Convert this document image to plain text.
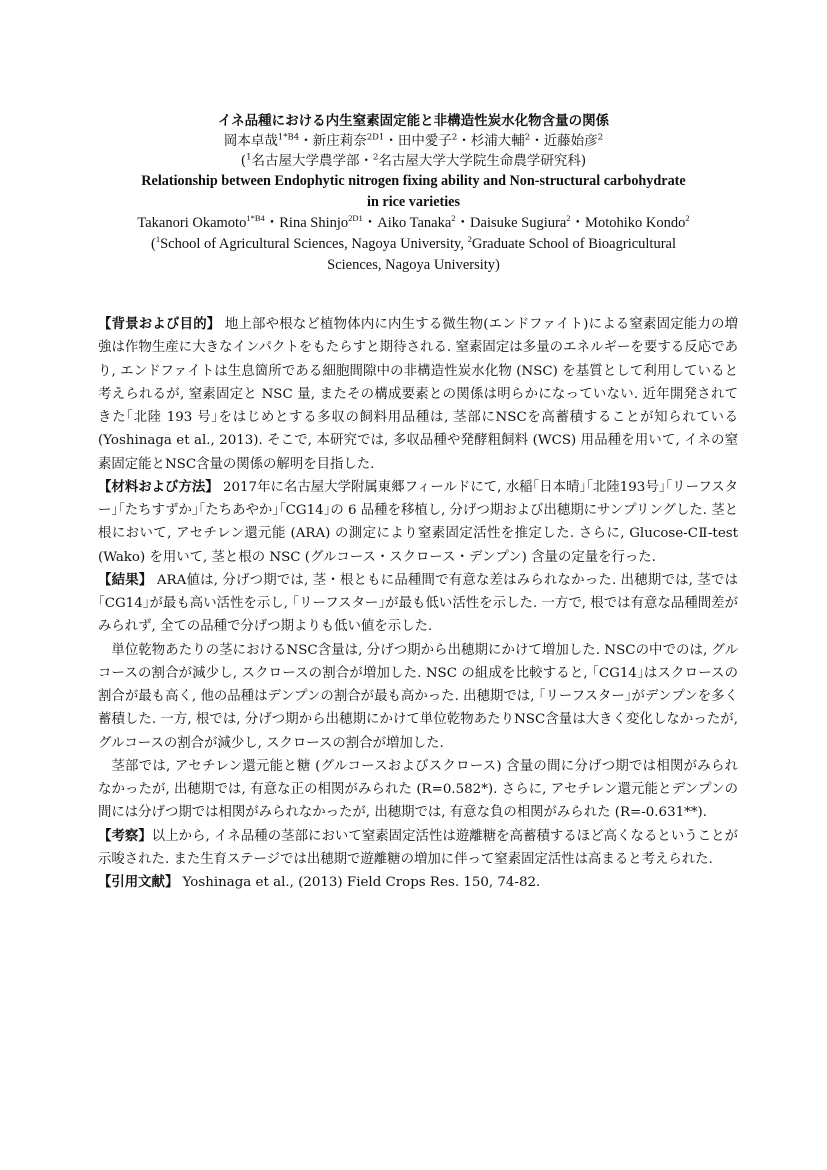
イネ品種における内生窒素固定能と非構造性炭水化物含量の関係
岡本卓哉$^{1*B4}$・新庄莉奈$^{2D1}$・田中愛子$^2$・杉浦大輔$^2$・近藤始彦$^2$
($^1$名古屋大学農学部・$^2$名古屋大学大学院生命農学研究科)
Relationship between Endophytic nitrogen fixing ability and Non-structural carbohydrate
in rice varieties
Takanori Okamoto$^{1*B4}$・Rina Shinjo$^{2D1}$・Aiko Tanaka$^2$・Daisuke Sugiura$^2$・Motohiko Kondo$^2$
($^1$School of Agricultural Sciences, Nagoya University, $^2$Graduate School of Bioagricultural
Sciences, Nagoya University)

【背景および目的】 地上部や根など植物体内に内生する微生物(エンドファイト)による窒素固定能力の増強は作物生産に大きなインパクトをもたらすと期待される. 窒素固定は多量のエネルギーを要する反応であり, エンドファイトは生息箇所である細胞間隙中の非構造性炭水化物 (NSC) を基質として利用していると考えられるが, 窒素固定と NSC 量, またその構成要素との関係は明らかになっていない. 近年開発されてきた｢北陸 193 号｣をはじめとする多収の飼料用品種は, 茎部にNSCを高蓄積することが知られている(Yoshinaga et al., 2013). そこで, 本研究では, 多収品種や発酵粗飼料 (WCS) 用品種を用いて, イネの窒素固定能とNSC含量の関係の解明を目指した.

【材料および方法】 2017年に名古屋大学附属東郷フィールドにて, 水稲｢日本晴｣｢北陸193号｣｢リーフスター｣｢たちすずか｣｢たちあやか｣｢CG14｣の 6 品種を移植し, 分げつ期および出穂期にサンプリングした. 茎と根において, アセチレン還元能 (ARA) の測定により窒素固定活性を推定した. さらに, Glucose-CⅡ-test (Wako) を用いて, 茎と根の NSC (グルコース・スクロース・デンプン) 含量の定量を行った.

【結果】 ARA値は, 分げつ期では, 茎・根ともに品種間で有意な差はみられなかった. 出穂期では, 茎では｢CG14｣が最も高い活性を示し, ｢リーフスター｣が最も低い活性を示した. 一方で, 根では有意な品種間差がみられず, 全ての品種で分げつ期よりも低い値を示した.

単位乾物あたりの茎におけるNSC含量は, 分げつ期から出穂期にかけて増加した. NSCの中でのは, グルコースの割合が減少し, スクロースの割合が増加した. NSC の組成を比較すると, ｢CG14｣はスクロースの割合が最も高く, 他の品種はデンプンの割合が最も高かった. 出穂期では, ｢リーフスター｣がデンプンを多く蓄積した. 一方, 根では, 分げつ期から出穂期にかけて単位乾物あたりNSC含量は大きく変化しなかったが, グルコースの割合が減少し, スクロースの割合が増加した.

茎部では, アセチレン還元能と糖 (グルコースおよびスクロース) 含量の間に分げつ期では相関がみられなかったが, 出穂期では, 有意な正の相関がみられた (R=0.582*). さらに, アセチレン還元能とデンプンの間には分げつ期では相関がみられなかったが, 出穂期では, 有意な負の相関がみられた (R=-0.631**).

【考察】以上から, イネ品種の茎部において窒素固定活性は遊離糖を高蓄積するほど高くなるということが示唆された. また生育ステージでは出穂期で遊離糖の増加に伴って窒素固定活性は高まると考えられた.

【引用文献】 Yoshinaga et al., (2013) Field Crops Res. 150, 74-82.
